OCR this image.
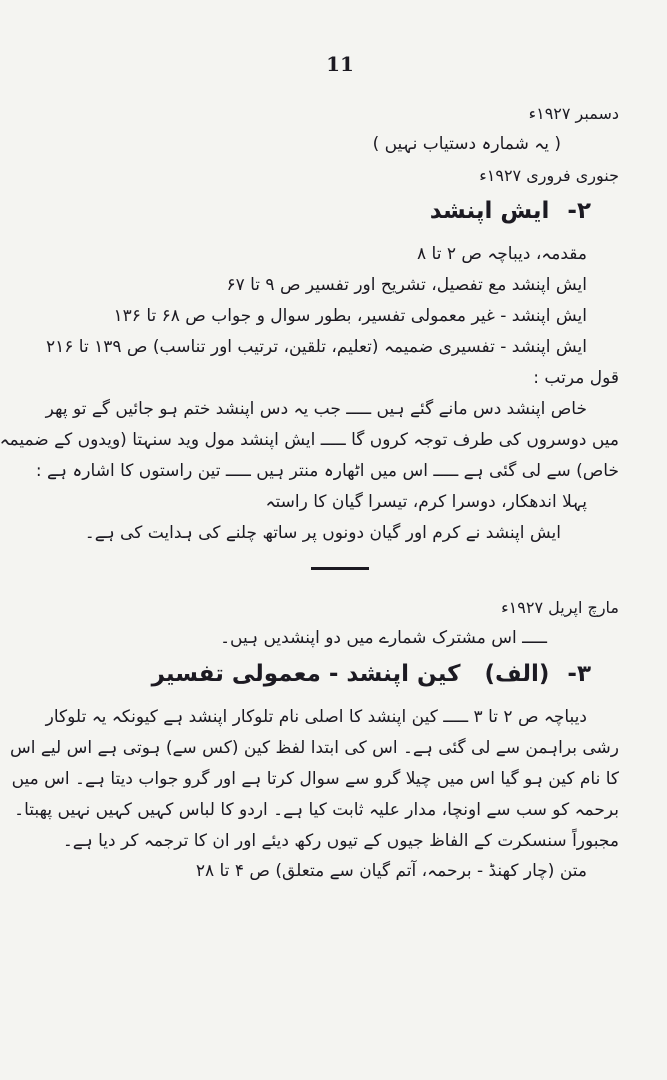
11
دسمبر ۱۹۲۷ء
( یہ شمارہ دستیاب نہیں )
جنوری فروری ۱۹۲۷ء
۲-ایش اپنشد
مقدمہ، دیباچہ ص ۲ تا ۸
ایش اپنشد مع تفصیل، تشریح اور تفسیر ص ۹ تا ۶۷
ایش اپنشد - غیر معمولی تفسیر، بطور سوال و جواب ص ۶۸ تا ۱۳۶
ایش اپنشد - تفسیری ضمیمہ (تعلیم، تلقین، ترتیب اور تناسب) ص ۱۳۹ تا ۲۱۶
قول مرتب :
خاص اپنشد دس مانے گئے ہیں ـــــ جب یہ دس اپنشد ختم ہو جائیں گے تو پھر
میں دوسروں کی طرف توجہ کروں گا ـــــ ایش اپنشد مول وید سنہتا (ویدوں کے ضمیمہ
خاص) سے لی گئی ہے ـــــ اس میں اٹھارہ منتر ہیں ـــــ تین راستوں کا اشارہ ہے :
پہلا اندھکار، دوسرا کرم، تیسرا گیان کا راستہ
ایش اپنشد نے کرم اور گیان دونوں پر ساتھ چلنے کی ہدایت کی ہے۔
مارچ اپریل ۱۹۲۷ء
ـــــ اس مشترک شمارے میں دو اپنشدیں ہیں۔
۳-(الف)کین اپنشد - معمولی تفسیر
دیباچہ ص ۲ تا ۳ ـــــ کین اپنشد کا اصلی نام تلوکار اپنشد ہے کیونکہ یہ تلوکار
رشی براہمن سے لی گئی ہے۔ اس کی ابتدا لفظ کین (کس سے) ہوتی ہے اس لیے اس
کا نام کین ہو گیا اس میں چیلا گرو سے سوال کرتا ہے اور گرو جواب دیتا ہے۔ اس میں
برحمہ کو سب سے اونچا، مدار علیہ ثابت کیا ہے۔ اردو کا لباس کہیں کہیں نہیں پھبتا۔
مجبوراً سنسکرت کے الفاظ جیوں کے تیوں رکھ دیئے اور ان کا ترجمہ کر دیا ہے۔
متن (چار کھنڈ - برحمہ، آتم گیان سے متعلق) ص ۴ تا ۲۸
